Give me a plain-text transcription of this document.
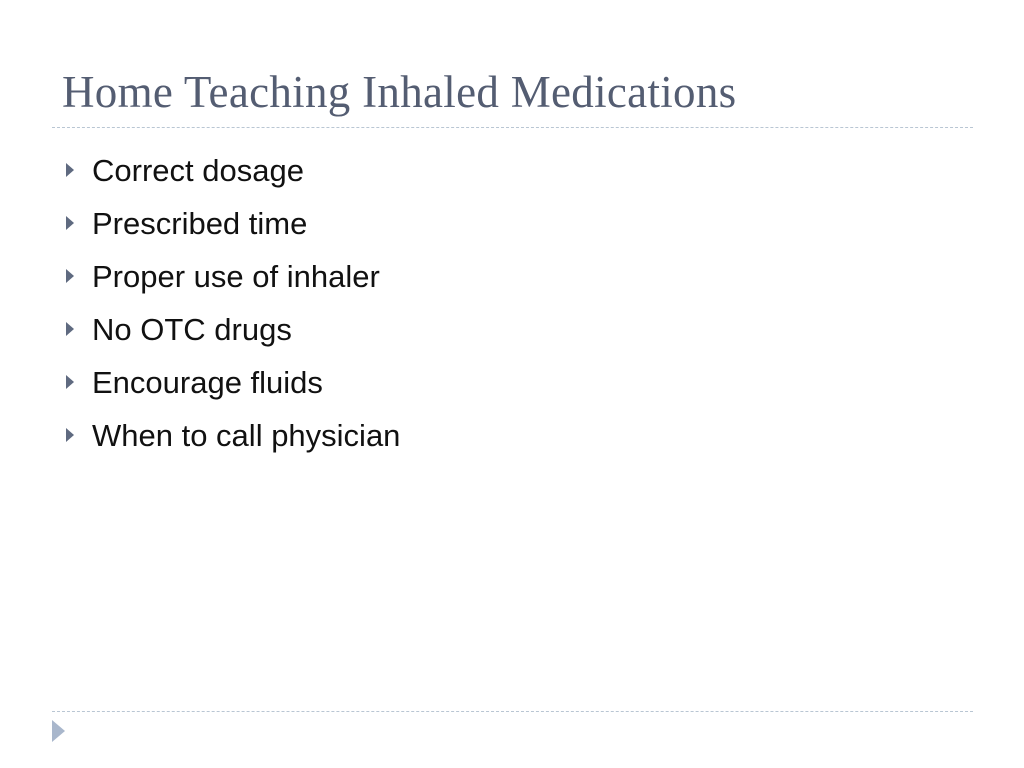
Home Teaching Inhaled Medications
Correct dosage
Prescribed time
Proper use of inhaler
No OTC drugs
Encourage fluids
When to call physician
